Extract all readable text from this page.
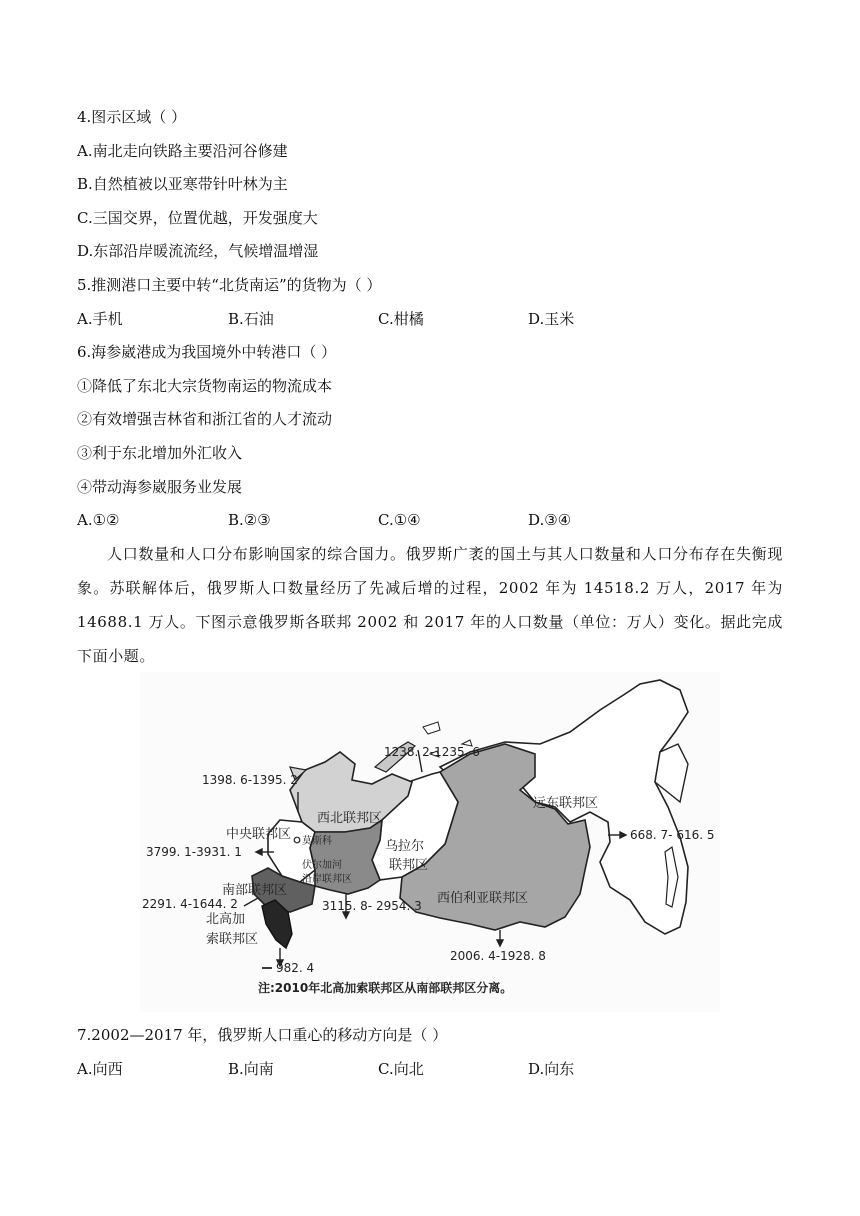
4.图示区域（ ）
A.南北走向铁路主要沿河谷修建
B.自然植被以亚寒带针叶林为主
C.三国交界，位置优越，开发强度大
D.东部沿岸暖流流经，气候增温增湿
5.推测港口主要中转“北货南运”的货物为（ ）
A.手机	B.石油	C.柑橘	D.玉米
6.海参崴港成为我国境外中转港口（ ）
①降低了东北大宗货物南运的物流成本
②有效增强吉林省和浙江省的人才流动
③利于东北增加外汇收入
④带动海参崴服务业发展
A.①②	B.②③	C.①④	D.③④
人口数量和人口分布影响国家的综合国力。俄罗斯广袤的国土与其人口数量和人口分布存在失衡现象。苏联解体后，俄罗斯人口数量经历了先减后增的过程，2002 年为 14518.2 万人，2017 年为 14688.1 万人。下图示意俄罗斯各联邦 2002 和 2017 年的人口数量（单位：万人）变化。据此完成下面小题。
远东联邦区
西北联邦区
中央联邦区
乌拉尔
联邦区
西伯利亚联邦区
南部联邦区
北高加
索联邦区
莫斯科
伏尔加河
沿岸联邦区
1238. 2-1235. 6
1398. 6-1395. 2
3799. 1-3931. 1
2291. 4-1644. 2	3115. 8- 2954. 3
982. 4
2006. 4-1928. 8
668. 7- 616. 5
注:2010年北高加索联邦区从南部联邦区分离。
7.2002—2017 年，俄罗斯人口重心的移动方向是（ ）
A.向西	B.向南	C.向北	D.向东
